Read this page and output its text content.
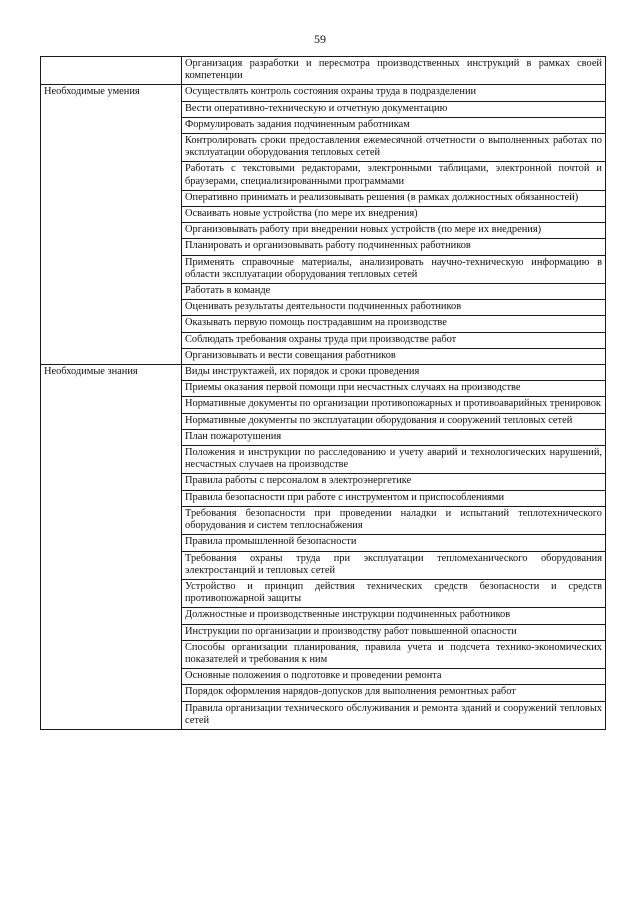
59
	Организация разработки и пересмотра производственных инструкций в рамках своей компетенции
Необходимые умения	Осуществлять контроль состояния охраны труда в подразделении
	Вести оперативно-техническую и отчетную документацию
	Формулировать задания подчиненным работникам
	Контролировать сроки предоставления ежемесячной отчетности о выполненных работах по эксплуатации оборудования тепловых сетей
	Работать с текстовыми редакторами, электронными таблицами, электронной почтой и браузерами, специализированными программами
	Оперативно принимать и реализовывать решения (в рамках должностных обязанностей)
	Осваивать новые устройства (по мере их внедрения)
	Организовывать работу при внедрении новых устройств (по мере их внедрения)
	Планировать и организовывать работу подчиненных работников
	Применять справочные материалы, анализировать научно-техническую информацию в области эксплуатации оборудования тепловых сетей
	Работать в команде
	Оценивать результаты деятельности подчиненных работников
	Оказывать первую помощь пострадавшим на производстве
	Соблюдать требования охраны труда при производстве работ
	Организовывать и вести совещания работников
Необходимые знания	Виды инструктажей, их порядок и сроки проведения
	Приемы оказания первой помощи при несчастных случаях на производстве
	Нормативные документы по организации противопожарных и противоаварийных тренировок
	Нормативные документы по эксплуатации оборудования и сооружений тепловых сетей
	План пожаротушения
	Положения и инструкции по расследованию и учету аварий и технологических нарушений, несчастных случаев на производстве
	Правила работы с персоналом в электроэнергетике
	Правила безопасности при работе с инструментом и приспособлениями
	Требования безопасности при проведении наладки и испытаний теплотехнического оборудования и систем теплоснабжения
	Правила промышленной безопасности
	Требования охраны труда при эксплуатации тепломеханического оборудования электростанций и тепловых сетей
	Устройство и принцип действия технических средств безопасности и средств противопожарной защиты
	Должностные и производственные инструкции подчиненных работников
	Инструкции по организации и производству работ повышенной опасности
	Способы организации планирования, правила учета и подсчета технико-экономических показателей и требования к ним
	Основные положения о подготовке и проведении ремонта
	Порядок оформления нарядов-допусков для выполнения ремонтных работ
	Правила организации технического обслуживания и ремонта зданий и сооружений тепловых сетей
